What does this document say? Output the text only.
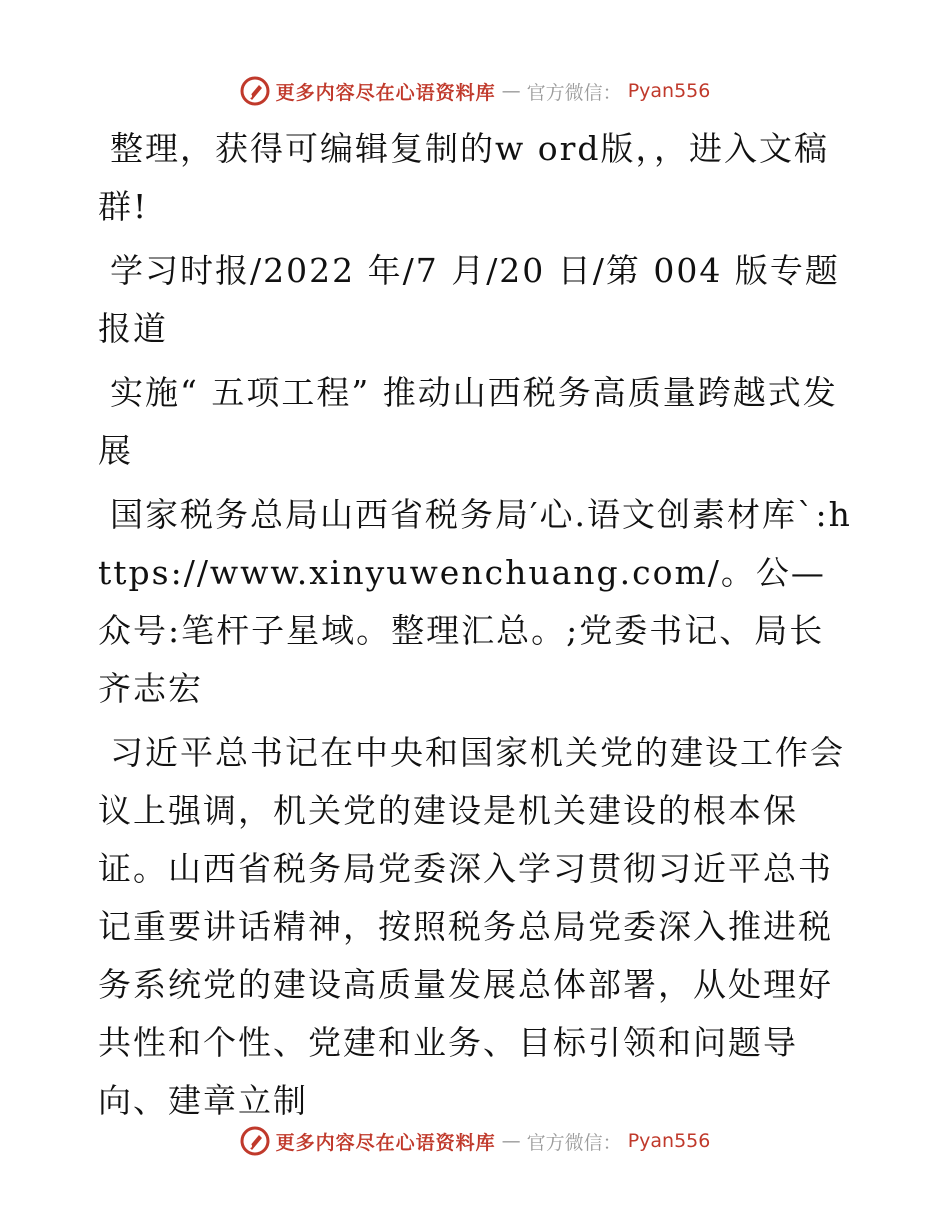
更多内容尽在心语资料库 — 官方微信： Pyan556

整理，获得可编辑复制的w ord版，，进入文稿群!

学习时报/2022 年/7 月/20 日/第 004 版专题报道

实施“ 五项工程” 推动山西税务高质量跨越式发展

国家税务总局山西省税务局′心.语文创素材库`:https://www.xinyuwenchuang.com/。公—众号:笔杆子星域。整理汇总。;党委书记、局长 齐志宏

习近平总书记在中央和国家机关党的建设工作会议上强调，机关党的建设是机关建设的根本保证。山西省税务局党委深入学习贯彻习近平总书记重要讲话精神，按照税务总局党委深入推进税务系统党的建设高质量发展总体部署，从处理好共性和个性、党建和业务、目标引领和问题导向、建章立制

更多内容尽在心语资料库 — 官方微信： Pyan556
